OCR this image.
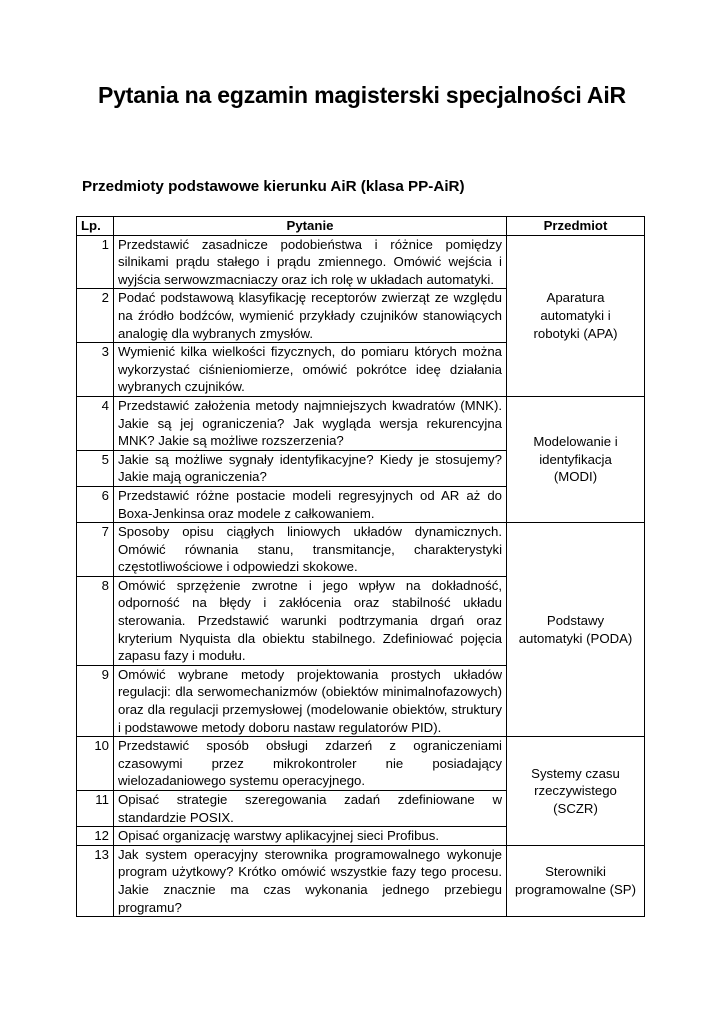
Pytania na egzamin magisterski specjalności AiR
Przedmioty podstawowe kierunku AiR (klasa PP-AiR)
Lp.	Pytanie	Przedmiot
1	Przedstawić zasadnicze podobieństwa i różnice pomiędzy silnikami prądu stałego i prądu zmiennego. Omówić wejścia i wyjścia serwowzmacniaczy oraz ich rolę w układach automatyki.	Aparatura automatyki i robotyki (APA)

2	Podać podstawową klasyfikację receptorów zwierząt ze względu na źródło bodźców, wymienić przykłady czujników stanowiących analogię dla wybranych zmysłów.	
3	Wymienić kilka wielkości fizycznych, do pomiaru których można wykorzystać ciśnieniomierze, omówić pokrótce ideę działania wybranych czujników.	
4	Przedstawić założenia metody najmniejszych kwadratów (MNK). Jakie są jej ograniczenia? Jak wygląda wersja rekurencyjna MNK? Jakie są możliwe rozszerzenia?	Modelowanie i identyfikacja (MODI)

5	Jakie są możliwe sygnały identyfikacyjne? Kiedy je stosujemy? Jakie mają ograniczenia?	
6	Przedstawić różne postacie modeli regresyjnych od AR aż do Boxa-Jenkinsa oraz modele z całkowaniem.	
7	Sposoby opisu ciągłych liniowych układów dynamicznych. Omówić równania stanu, transmitancje, charakterystyki częstotliwościowe i odpowiedzi skokowe.	Podstawy automatyki (PODA)

8	Omówić sprzężenie zwrotne i jego wpływ na dokładność, odporność na błędy i zakłócenia oraz stabilność układu sterowania. Przedstawić warunki podtrzymania drgań oraz kryterium Nyquista dla obiektu stabilnego. Zdefiniować pojęcia zapasu fazy i modułu.	
9	Omówić wybrane metody projektowania prostych układów regulacji: dla serwomechanizmów (obiektów minimalnofazowych) oraz dla regulacji przemysłowej (modelowanie obiektów, struktury i podstawowe metody doboru nastaw regulatorów PID).	
10	Przedstawić sposób obsługi zdarzeń z ograniczeniami czasowymi przez mikrokontroler nie posiadający wielozadaniowego systemu operacyjnego.	Systemy czasu rzeczywistego (SCZR)

11	Opisać strategie szeregowania zadań zdefiniowane w standardzie POSIX.	
12	Opisać organizację warstwy aplikacyjnej sieci Profibus.	
13	Jak system operacyjny sterownika programowalnego wykonuje program użytkowy? Krótko omówić wszystkie fazy tego procesu. Jakie znacznie ma czas wykonania jednego przebiegu programu?	Sterowniki programowalne (SP)
